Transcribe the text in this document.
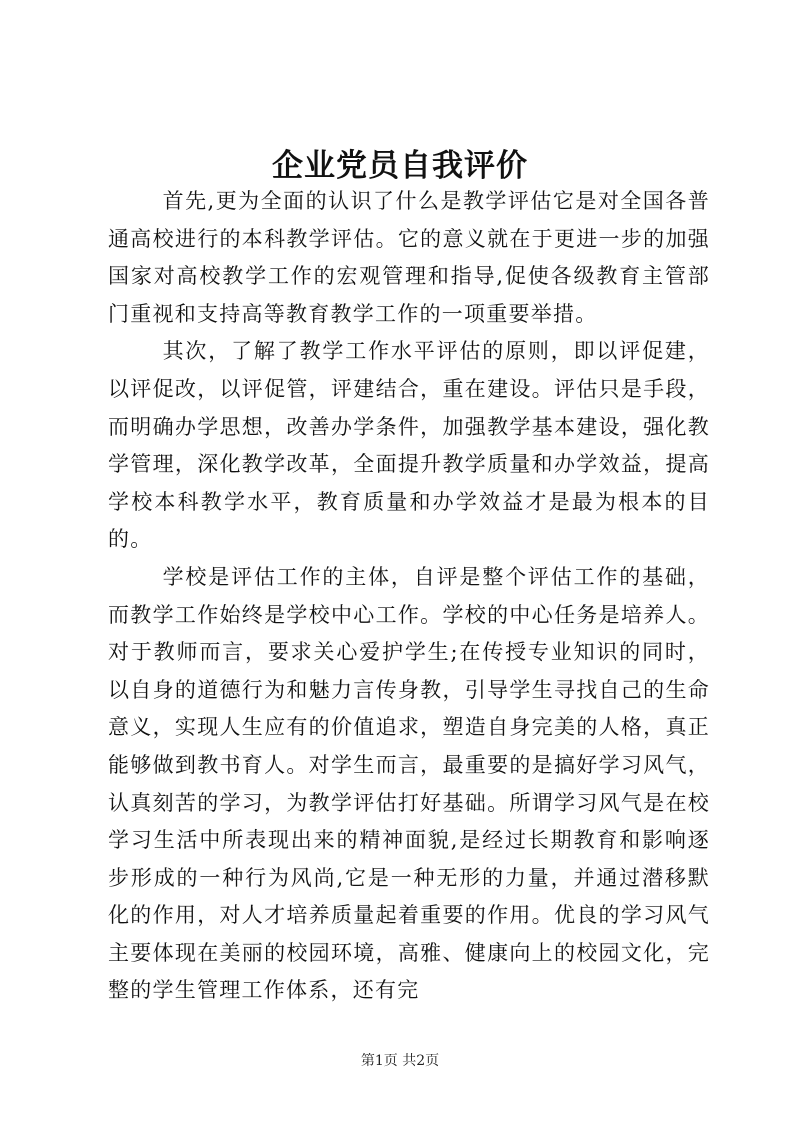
企业党员自我评价

首先,更为全面的认识了什么是教学评估它是对全国各普通高校进行的本科教学评估。它的意义就在于更进一步的加强国家对高校教学工作的宏观管理和指导,促使各级教育主管部门重视和支持高等教育教学工作的一项重要举措。

其次，了解了教学工作水平评估的原则，即以评促建，以评促改，以评促管，评建结合，重在建设。评估只是手段，而明确办学思想，改善办学条件，加强教学基本建设，强化教学管理，深化教学改革，全面提升教学质量和办学效益，提高学校本科教学水平，教育质量和办学效益才是最为根本的目的。

学校是评估工作的主体，自评是整个评估工作的基础，而教学工作始终是学校中心工作。学校的中心任务是培养人。对于教师而言，要求关心爱护学生;在传授专业知识的同时，以自身的道德行为和魅力言传身教，引导学生寻找自己的生命意义，实现人生应有的价值追求，塑造自身完美的人格，真正能够做到教书育人。对学生而言，最重要的是搞好学习风气，认真刻苦的学习，为教学评估打好基础。所谓学习风气是在校学习生活中所表现出来的精神面貌,是经过长期教育和影响逐步形成的一种行为风尚,它是一种无形的力量，并通过潜移默化的作用，对人才培养质量起着重要的作用。优良的学习风气主要体现在美丽的校园环境，高雅、健康向上的校园文化，完整的学生管理工作体系，还有完

第1页 共2页
